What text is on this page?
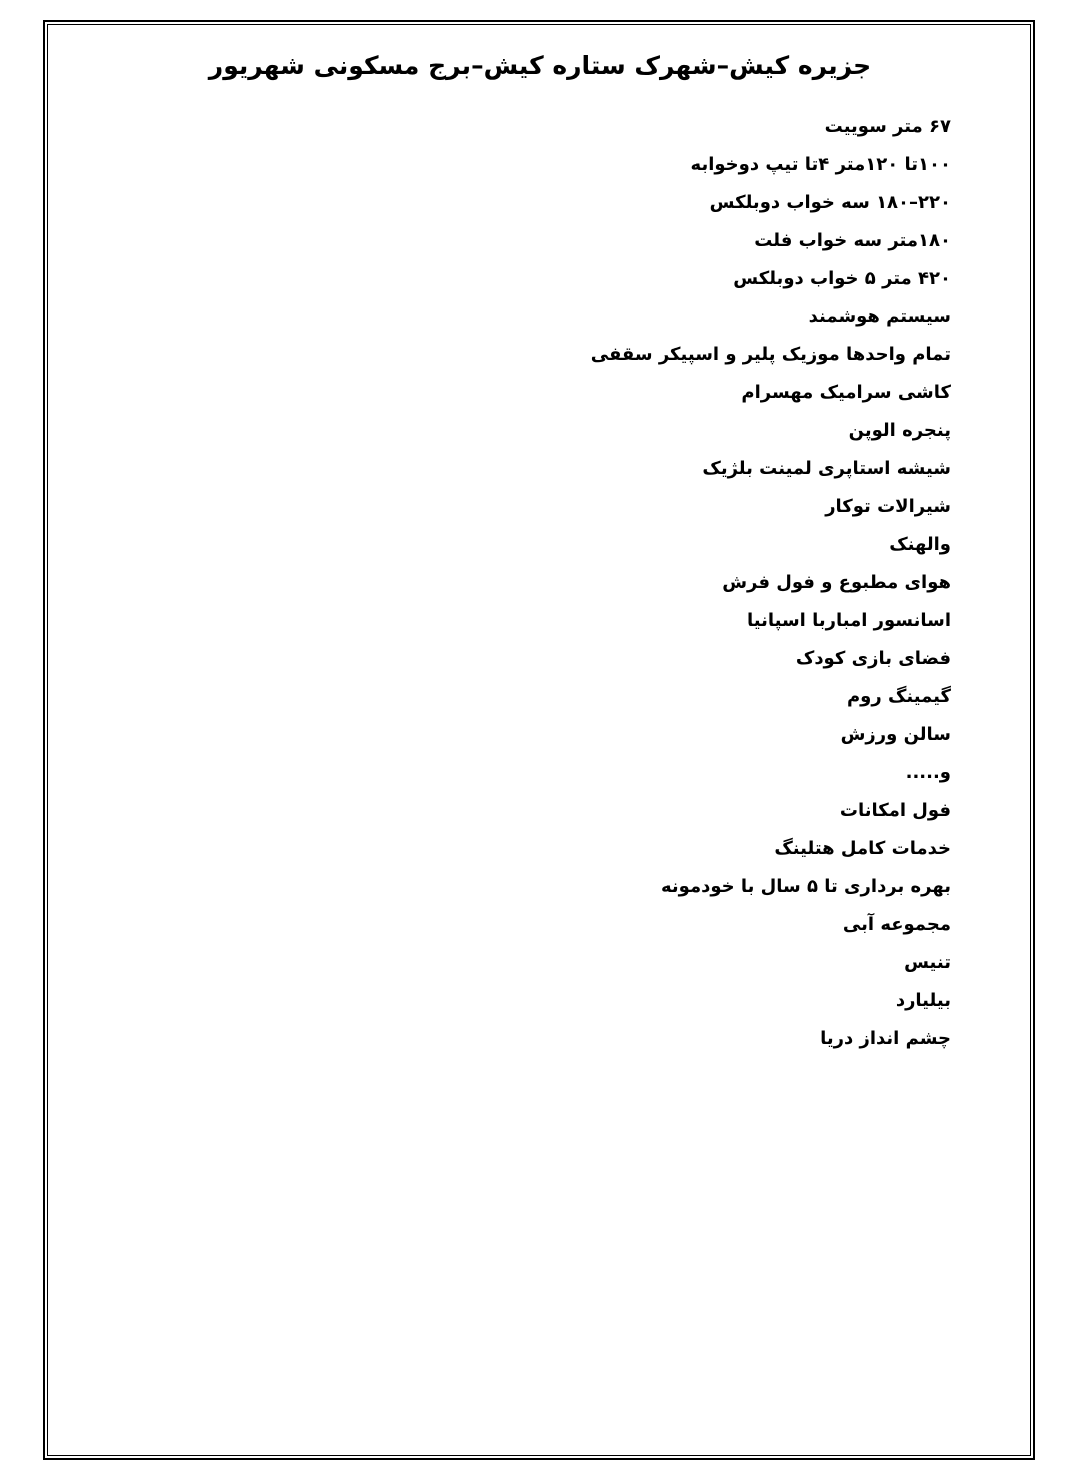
جزیره کیش–شهرک ستاره کیش–برج مسکونی شهریور
۶۷ متر سوییت
۱۰۰تا ۱۲۰متر ۴تا تیپ دوخوابه
۲۲۰–۱۸۰ سه خواب دوبلکس
۱۸۰متر سه خواب فلت
۴۲۰ متر ۵ خواب دوبلکس
سیستم هوشمند
تمام واحدها موزیک پلیر و اسپیکر سقفی
کاشی سرامیک مهسرام
پنجره الوپن
شیشه استاپری لمینت بلژیک
شیرالات توکار
والهنک
هوای مطبوع و فول فرش
اسانسور امباربا اسپانیا
فضای بازی کودک
گیمینگ روم
سالن ورزش
و.....
فول امکانات
خدمات کامل هتلینگ
بهره برداری تا ۵ سال با خودمونه
مجموعه آبی
تنیس
بیلیارد
چشم انداز دریا
